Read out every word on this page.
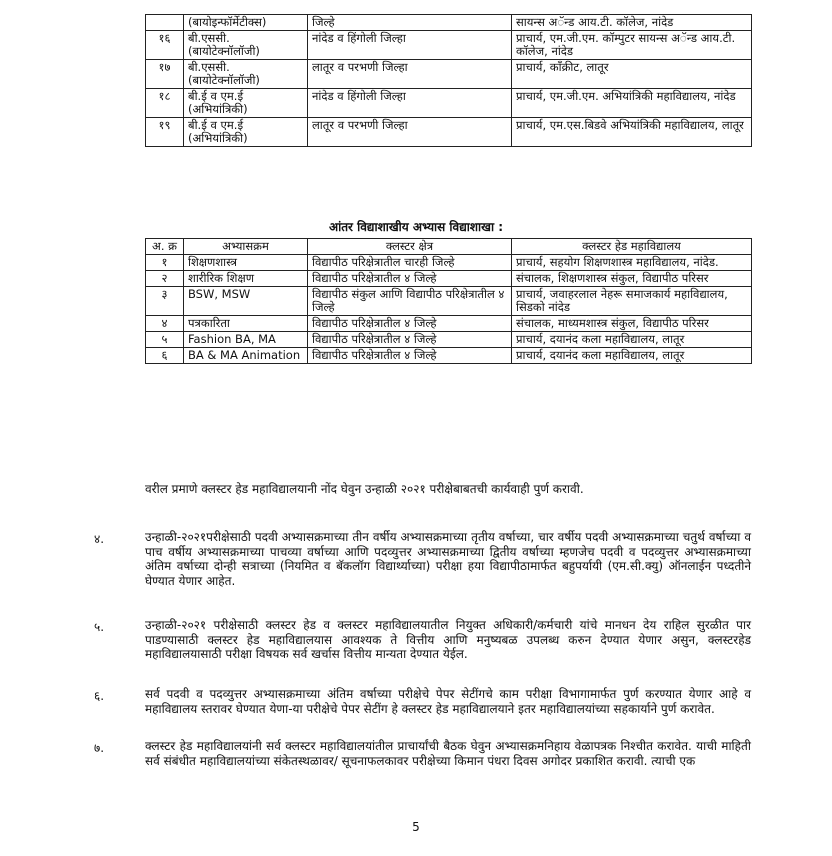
	(बायोइन्फॉर्मेटीक्स)	जिल्हे	सायन्स अॅन्ड आय.टी. कॉलेज, नांदेड
१६	बी.एससी. (बायोटेक्नॉलॉजी)	नांदेड व हिंगोली जिल्हा	प्राचार्य, एम.जी.एम. कॉम्पुटर सायन्स अॅन्ड आय.टी. कॉलेज, नांदेड
१७	बी.एससी. (बायोटेक्नॉलॉजी)	लातूर व परभणी जिल्हा	प्राचार्य, कॉंक्रीट, लातूर
१८	बी.ई व एम.ई (अभियांत्रिकी)	नांदेड व हिंगोली जिल्हा	प्राचार्य, एम.जी.एम. अभियांत्रिकी महाविद्यालय, नांदेड
१९	बी.ई व एम.ई (अभियांत्रिकी)	लातूर व परभणी जिल्हा	प्राचार्य, एम.एस.बिडवे अभियांत्रिकी महाविद्यालय, लातूर
आंतर विद्याशाखीय अभ्यास विद्याशाखा :
अ. क्र	अभ्यासक्रम	क्लस्टर क्षेत्र	क्लस्टर हेड महाविद्यालय
१	शिक्षणशास्त्र	विद्यापीठ परिक्षेत्रातील चारही जिल्हे	प्राचार्य, सहयोग शिक्षणशास्त्र महाविद्यालय, नांदेड.
२	शारीरिक शिक्षण	विद्यापीठ परिक्षेत्रातील ४ जिल्हे	संचालक, शिक्षणशास्त्र संकुल, विद्यापीठ परिसर
३	BSW, MSW	विद्यापीठ संकुल आणि विद्यापीठ परिक्षेत्रातील ४ जिल्हे	प्राचार्य, जवाहरलाल नेहरू समाजकार्य महाविद्यालय, सिडको नांदेड
४	पत्रकारिता	विद्यापीठ परिक्षेत्रातील ४ जिल्हे	संचालक, माध्यमशास्त्र संकुल, विद्यापीठ परिसर
५	Fashion BA, MA	विद्यापीठ परिक्षेत्रातील ४ जिल्हे	प्राचार्य, दयानंद कला महाविद्यालय, लातूर
६	BA & MA Animation	विद्यापीठ परिक्षेत्रातील ४ जिल्हे	प्राचार्य, दयानंद कला महाविद्यालय, लातूर
वरील प्रमाणे क्लस्टर हेड महाविद्यालयानी नोंद घेवुन उन्हाळी २०२१ परीक्षेबाबतची कार्यवाही पुर्ण करावी.
४.	उन्हाळी-२०२१परीक्षेसाठी पदवी अभ्यासक्रमाच्या तीन वर्षीय अभ्यासक्रमाच्या तृतीय वर्षाच्या, चार वर्षीय पदवी अभ्यासक्रमाच्या चतुर्थ वर्षाच्या व पाच वर्षीय अभ्यासक्रमाच्या पाचव्या वर्षाच्या आणि पदव्युत्तर अभ्यासक्रमाच्या द्वितीय वर्षाच्या म्हणजेच पदवी व पदव्युत्तर अभ्यासक्रमाच्या अंतिम वर्षाच्या दोन्ही सत्राच्या (नियमित व बॅकलॉग विद्यार्थ्याच्या) परीक्षा हया विद्यापीठामार्फत बहुपर्यायी (एम.सी.क्यु) ऑनलाईन पध्दतीने घेण्यात येणार आहेत.
५.	उन्हाळी-२०२१ परीक्षेसाठी क्लस्टर हेड व क्लस्टर महाविद्यालयातील नियुक्त अधिकारी/कर्मचारी यांचे मानधन देय राहिल सुरळीत पार पाडण्यासाठी क्लस्टर हेड महाविद्यालयास आवश्यक ते वित्तीय आणि मनुष्यबळ उपलब्ध करुन देण्यात येणार असुन, क्लस्टरहेड महाविद्यालयासाठी परीक्षा विषयक सर्व खर्चास वित्तीय मान्यता देण्यात येईल.
६.	सर्व पदवी व पदव्युत्तर अभ्यासक्रमाच्या अंतिम वर्षाच्या परीक्षेचे पेपर सेटींगचे काम परीक्षा विभागामार्फत पुर्ण करण्यात येणार आहे व महाविद्यालय स्तरावर घेण्यात येणा-या परीक्षेचे पेपर सेटींग हे क्लस्टर हेड महाविद्यालयाने इतर महाविद्यालयांच्या सहकार्याने पुर्ण करावेत.
७.	क्लस्टर हेड महाविद्यालयांनी सर्व क्लस्टर महाविद्यालयांतील प्राचार्यांची बैठक घेवुन अभ्यासक्रमनिहाय वेळापत्रक निश्चीत करावेत. याची माहिती सर्व संबंधीत महाविद्यालयांच्या संकेतस्थळावर/ सूचनाफलकावर परीक्षेच्या किमान पंधरा दिवस अगोदर प्रकाशित करावी. त्याची एक
5
